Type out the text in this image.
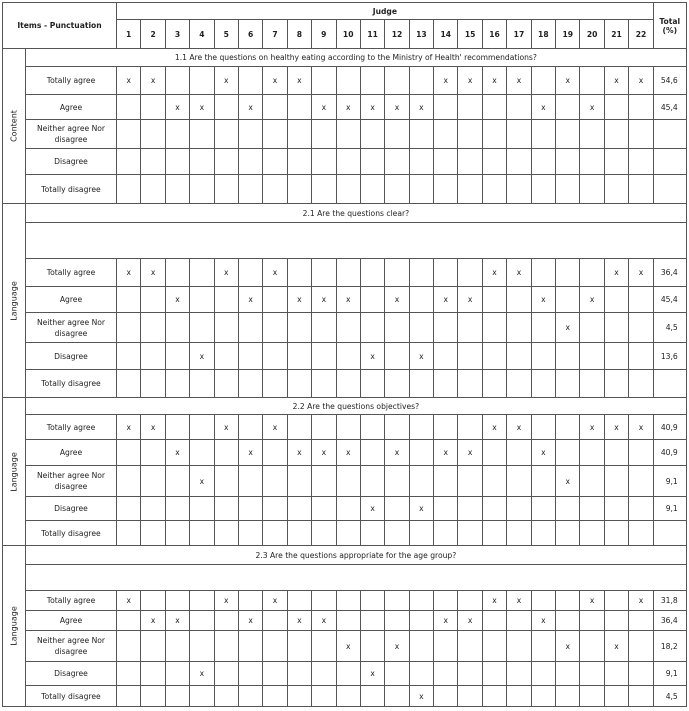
Items - Punctuation		Judge																						Total (%)
		1	2	3	4	5	6	7	8	9	10	11	12	13	14	15	16	17	18	19	20	21	22	

Content	1.1 Are the questions on healthy eating according to the Ministry of Health' recommendations?																							
	Totally agree	x	x			x		x	x						x	x	x	x		x		x	x	54,6
	Agree			x	x		x			x	x	x	x	x					x		x			45,4
	Neither agree Nor disagree																							
	Disagree																							
	Totally disagree																							

Language	2.1 Are the questions clear?																							

	Totally agree	x	x			x		x									x	x				x	x	36,4
	Agree			x			x		x	x	x		x		x	x			x		x			45,4
	Neither agree Nor disagree																			x				4,5
	Disagree				x							x		x										13,6
	Totally disagree																							

Language	2.2 Are the questions objectives?																							
	Totally agree	x	x			x		x									x	x			x	x	x	40,9
	Agree			x			x		x	x	x		x		x	x			x					40,9
	Neither agree Nor disagree				x															x				9,1
	Disagree											x		x										9,1
	Totally disagree																							

Language	2.3 Are the questions appropriate for the age group?																							

	Totally agree	x				x		x									x	x			x		x	31,8
	Agree		x	x			x		x	x					x	x			x					36,4
	Neither agree Nor disagree										x		x							x		x		18,2
	Disagree				x							x												9,1
	Totally disagree													x										4,5
